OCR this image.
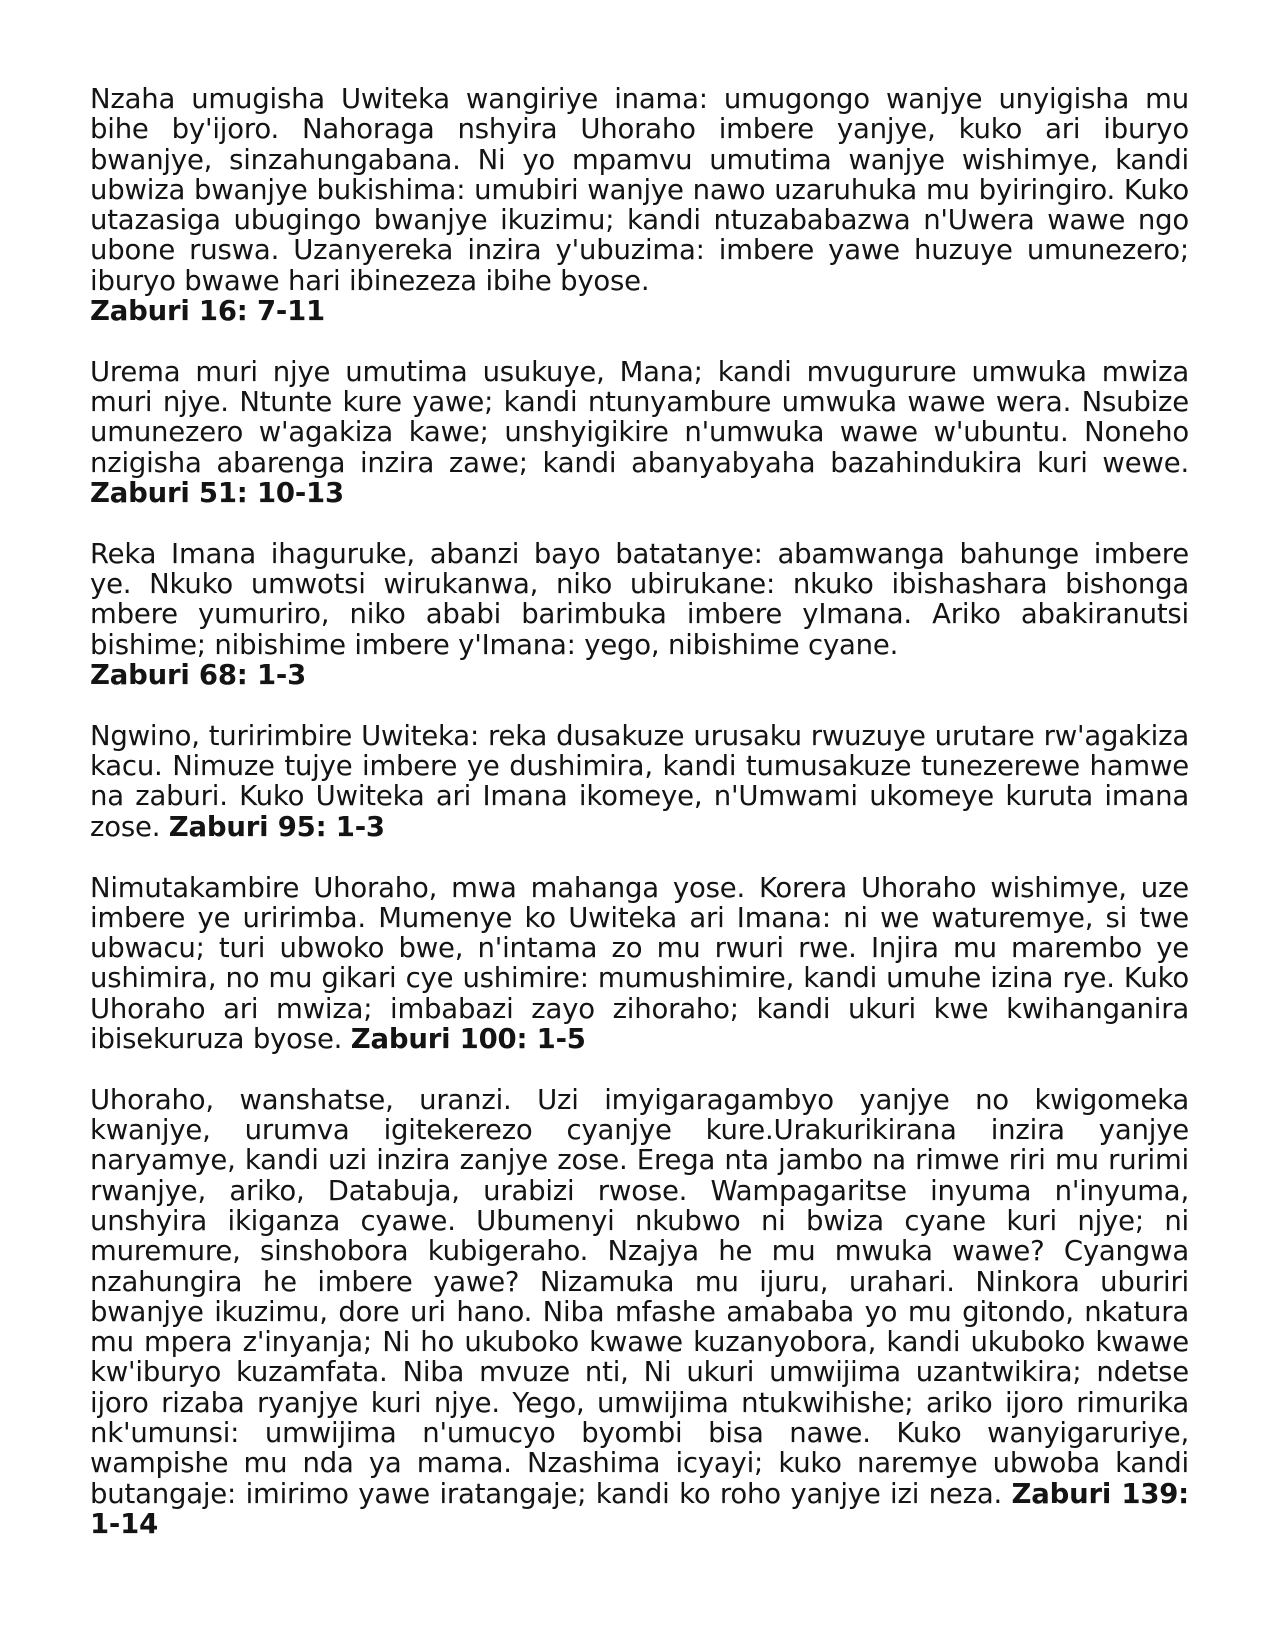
Nzaha umugisha Uwiteka wangiriye inama: umugongo wanjye unyigisha mu bihe by'ijoro. Nahoraga nshyira Uhoraho imbere yanjye, kuko ari iburyo bwanjye, sinzahungabana. Ni yo mpamvu umutima wanjye wishimye, kandi ubwiza bwanjye bukishima: umubiri wanjye nawo uzaruhuka mu byiringiro. Kuko utazasiga ubugingo bwanjye ikuzimu; kandi ntuzababazwa n'Uwera wawe ngo ubone ruswa. Uzanyereka inzira y'ubuzima: imbere yawe huzuye umunezero; iburyo bwawe hari ibinezeza ibihe byose.
Zaburi 16: 7-11

Urema muri njye umutima usukuye, Mana; kandi mvugurure umwuka mwiza muri njye. Ntunte kure yawe; kandi ntunyambure umwuka wawe wera. Nsubize umunezero w'agakiza kawe; unshyigikire n'umwuka wawe w'ubuntu. Noneho nzigisha abarenga inzira zawe; kandi abanyabyaha bazahindukira kuri wewe. Zaburi 51: 10-13

Reka Imana ihaguruke, abanzi bayo batatanye: abamwanga bahunge imbere ye. Nkuko umwotsi wirukanwa, niko ubirukane: nkuko ibishashara bishonga mbere yumuriro, niko ababi barimbuka imbere yImana. Ariko abakiranutsi bishime; nibishime imbere y'Imana: yego, nibishime cyane.
Zaburi 68: 1-3

Ngwino, turirimbire Uwiteka: reka dusakuze urusaku rwuzuye urutare rw'agakiza kacu. Nimuze tujye imbere ye dushimira, kandi tumusakuze tunezerewe hamwe na zaburi. Kuko Uwiteka ari Imana ikomeye, n'Umwami ukomeye kuruta imana zose. Zaburi 95: 1-3

Nimutakambire Uhoraho, mwa mahanga yose. Korera Uhoraho wishimye, uze imbere ye uririmba. Mumenye ko Uwiteka ari Imana: ni we waturemye, si twe ubwacu; turi ubwoko bwe, n'intama zo mu rwuri rwe. Injira mu marembo ye ushimira, no mu gikari cye ushimire: mumushimire, kandi umuhe izina rye. Kuko Uhoraho ari mwiza; imbabazi zayo zihoraho; kandi ukuri kwe kwihanganira ibisekuruza byose. Zaburi 100: 1-5

Uhoraho, wanshatse, uranzi. Uzi imyigaragambyo yanjye no kwigomeka kwanjye, urumva igitekerezo cyanjye kure.Urakurikirana inzira yanjye naryamye, kandi uzi inzira zanjye zose. Erega nta jambo na rimwe riri mu rurimi rwanjye, ariko, Databuja, urabizi rwose. Wampagaritse inyuma n'inyuma, unshyira ikiganza cyawe. Ubumenyi nkubwo ni bwiza cyane kuri njye; ni muremure, sinshobora kubigeraho. Nzajya he mu mwuka wawe? Cyangwa nzahungira he imbere yawe? Nizamuka mu ijuru, urahari. Ninkora uburiri bwanjye ikuzimu, dore uri hano. Niba mfashe amababa yo mu gitondo, nkatura mu mpera z'inyanja; Ni ho ukuboko kwawe kuzanyobora, kandi ukuboko kwawe kw'iburyo kuzamfata. Niba mvuze nti, Ni ukuri umwijima uzantwikira; ndetse ijoro rizaba ryanjye kuri njye. Yego, umwijima ntukwihishe; ariko ijoro rimurika nk'umunsi: umwijima n'umucyo byombi bisa nawe. Kuko wanyigaruriye, wampishe mu nda ya mama. Nzashima icyayi; kuko naremye ubwoba kandi butangaje: imirimo yawe iratangaje; kandi ko roho yanjye izi neza. Zaburi 139: 1-14
